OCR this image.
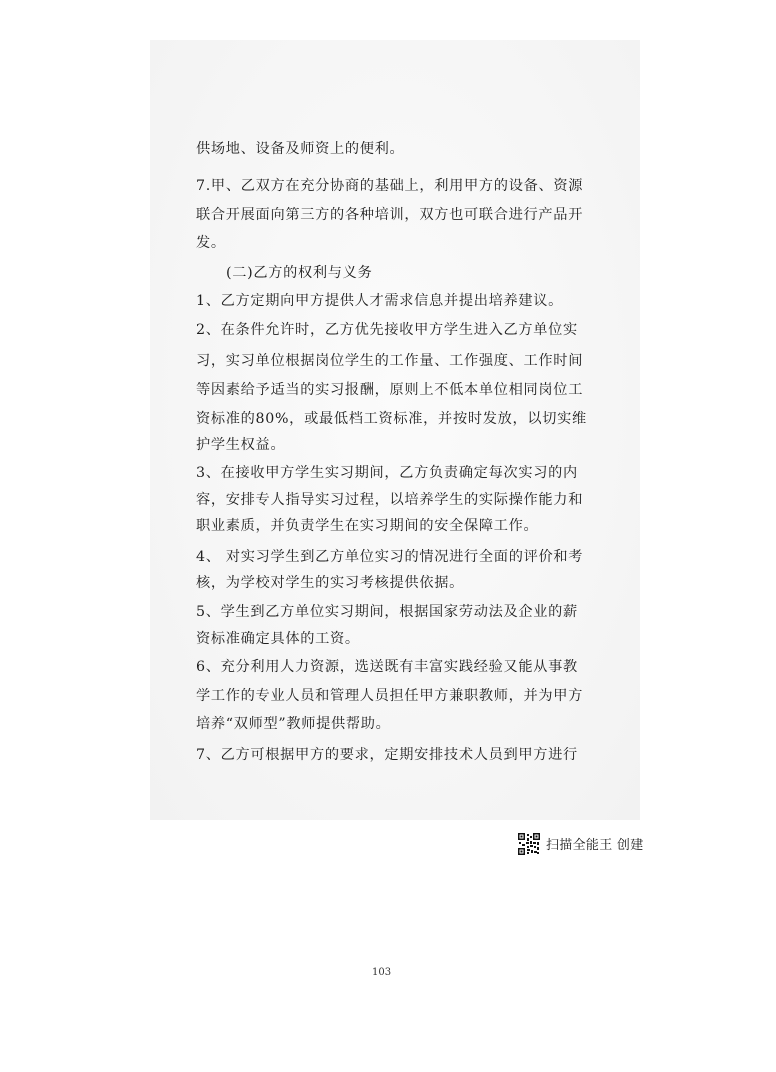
供场地、设备及师资上的便利。
7.甲、乙双方在充分协商的基础上，利用甲方的设备、资源
联合开展面向第三方的各种培训，双方也可联合进行产品开
发。
(二)乙方的权利与义务
1、乙方定期向甲方提供人才需求信息并提出培养建议。
2、在条件允许时，乙方优先接收甲方学生进入乙方单位实
习，实习单位根据岗位学生的工作量、工作强度、工作时间
等因素给予适当的实习报酬，原则上不低本单位相同岗位工
资标准的80%，或最低档工资标准，并按时发放，以切实维
护学生权益。
3、在接收甲方学生实习期间，乙方负责确定每次实习的内
容，安排专人指导实习过程，以培养学生的实际操作能力和
职业素质，并负责学生在实习期间的安全保障工作。
4、 对实习学生到乙方单位实习的情况进行全面的评价和考
核，为学校对学生的实习考核提供依据。
5、学生到乙方单位实习期间，根据国家劳动法及企业的薪
资标准确定具体的工资。
6、充分利用人力资源，选送既有丰富实践经验又能从事教
学工作的专业人员和管理人员担任甲方兼职教师，并为甲方
培养“双师型”教师提供帮助。
7、乙方可根据甲方的要求，定期安排技术人员到甲方进行
扫描全能王 创建
103
